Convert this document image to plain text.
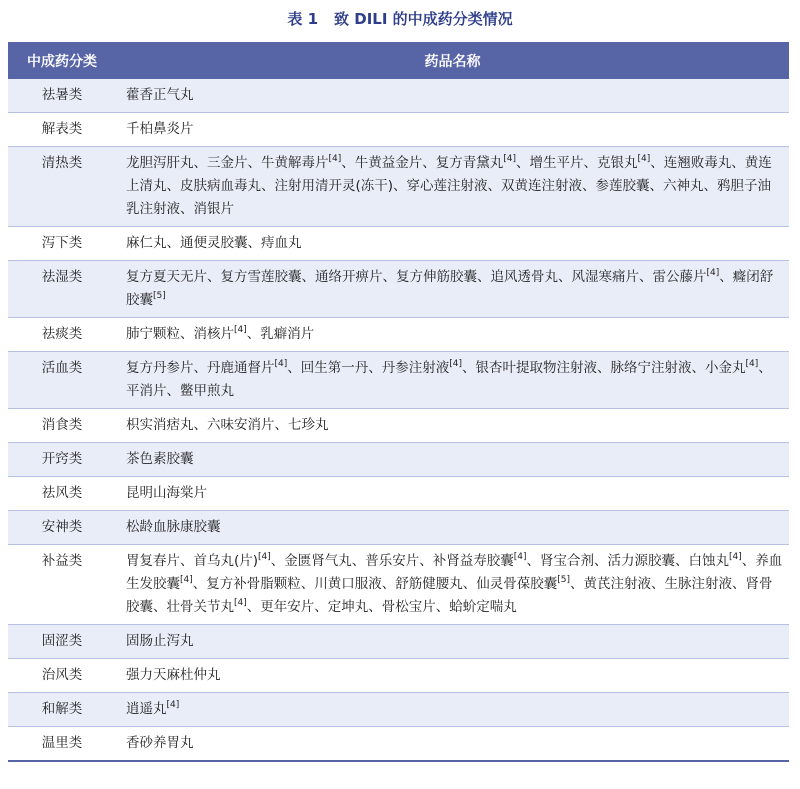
表 1 致 DILI 的中成药分类情况
中成药分类	药品名称
祛暑类	藿香正气丸
解表类	千柏鼻炎片
清热类	龙胆泻肝丸、三金片、牛黄解毒片[4]、牛黄益金片、复方青黛丸[4]、增生平片、克银丸[4]、连翘败毒丸、黄连上清丸、皮肤病血毒丸、注射用清开灵(冻干)、穿心莲注射液、双黄连注射液、参莲胶囊、六神丸、鸦胆子油乳注射液、消银片
泻下类	麻仁丸、通便灵胶囊、痔血丸
祛湿类	复方夏天无片、复方雪莲胶囊、通络开痹片、复方伸筋胶囊、追风透骨丸、风湿寒痛片、雷公藤片[4]、癃闭舒胶囊[5]
祛痰类	肺宁颗粒、消核片[4]、乳癖消片
活血类	复方丹参片、丹鹿通督片[4]、回生第一丹、丹参注射液[4]、银杏叶提取物注射液、脉络宁注射液、小金丸[4]、平消片、鳖甲煎丸
消食类	枳实消痞丸、六味安消片、七珍丸
开窍类	茶色素胶囊
祛风类	昆明山海棠片
安神类	松龄血脉康胶囊
补益类	胃复春片、首乌丸(片)[4]、金匮肾气丸、普乐安片、补肾益寿胶囊[4]、肾宝合剂、活力源胶囊、白蚀丸[4]、养血生发胶囊[4]、复方补骨脂颗粒、川黄口服液、舒筋健腰丸、仙灵骨葆胶囊[5]、黄芪注射液、生脉注射液、肾骨胶囊、壮骨关节丸[4]、更年安片、定坤丸、骨松宝片、蛤蚧定喘丸
固涩类	固肠止泻丸
治风类	强力天麻杜仲丸
和解类	逍遥丸[4]
温里类	香砂养胃丸
